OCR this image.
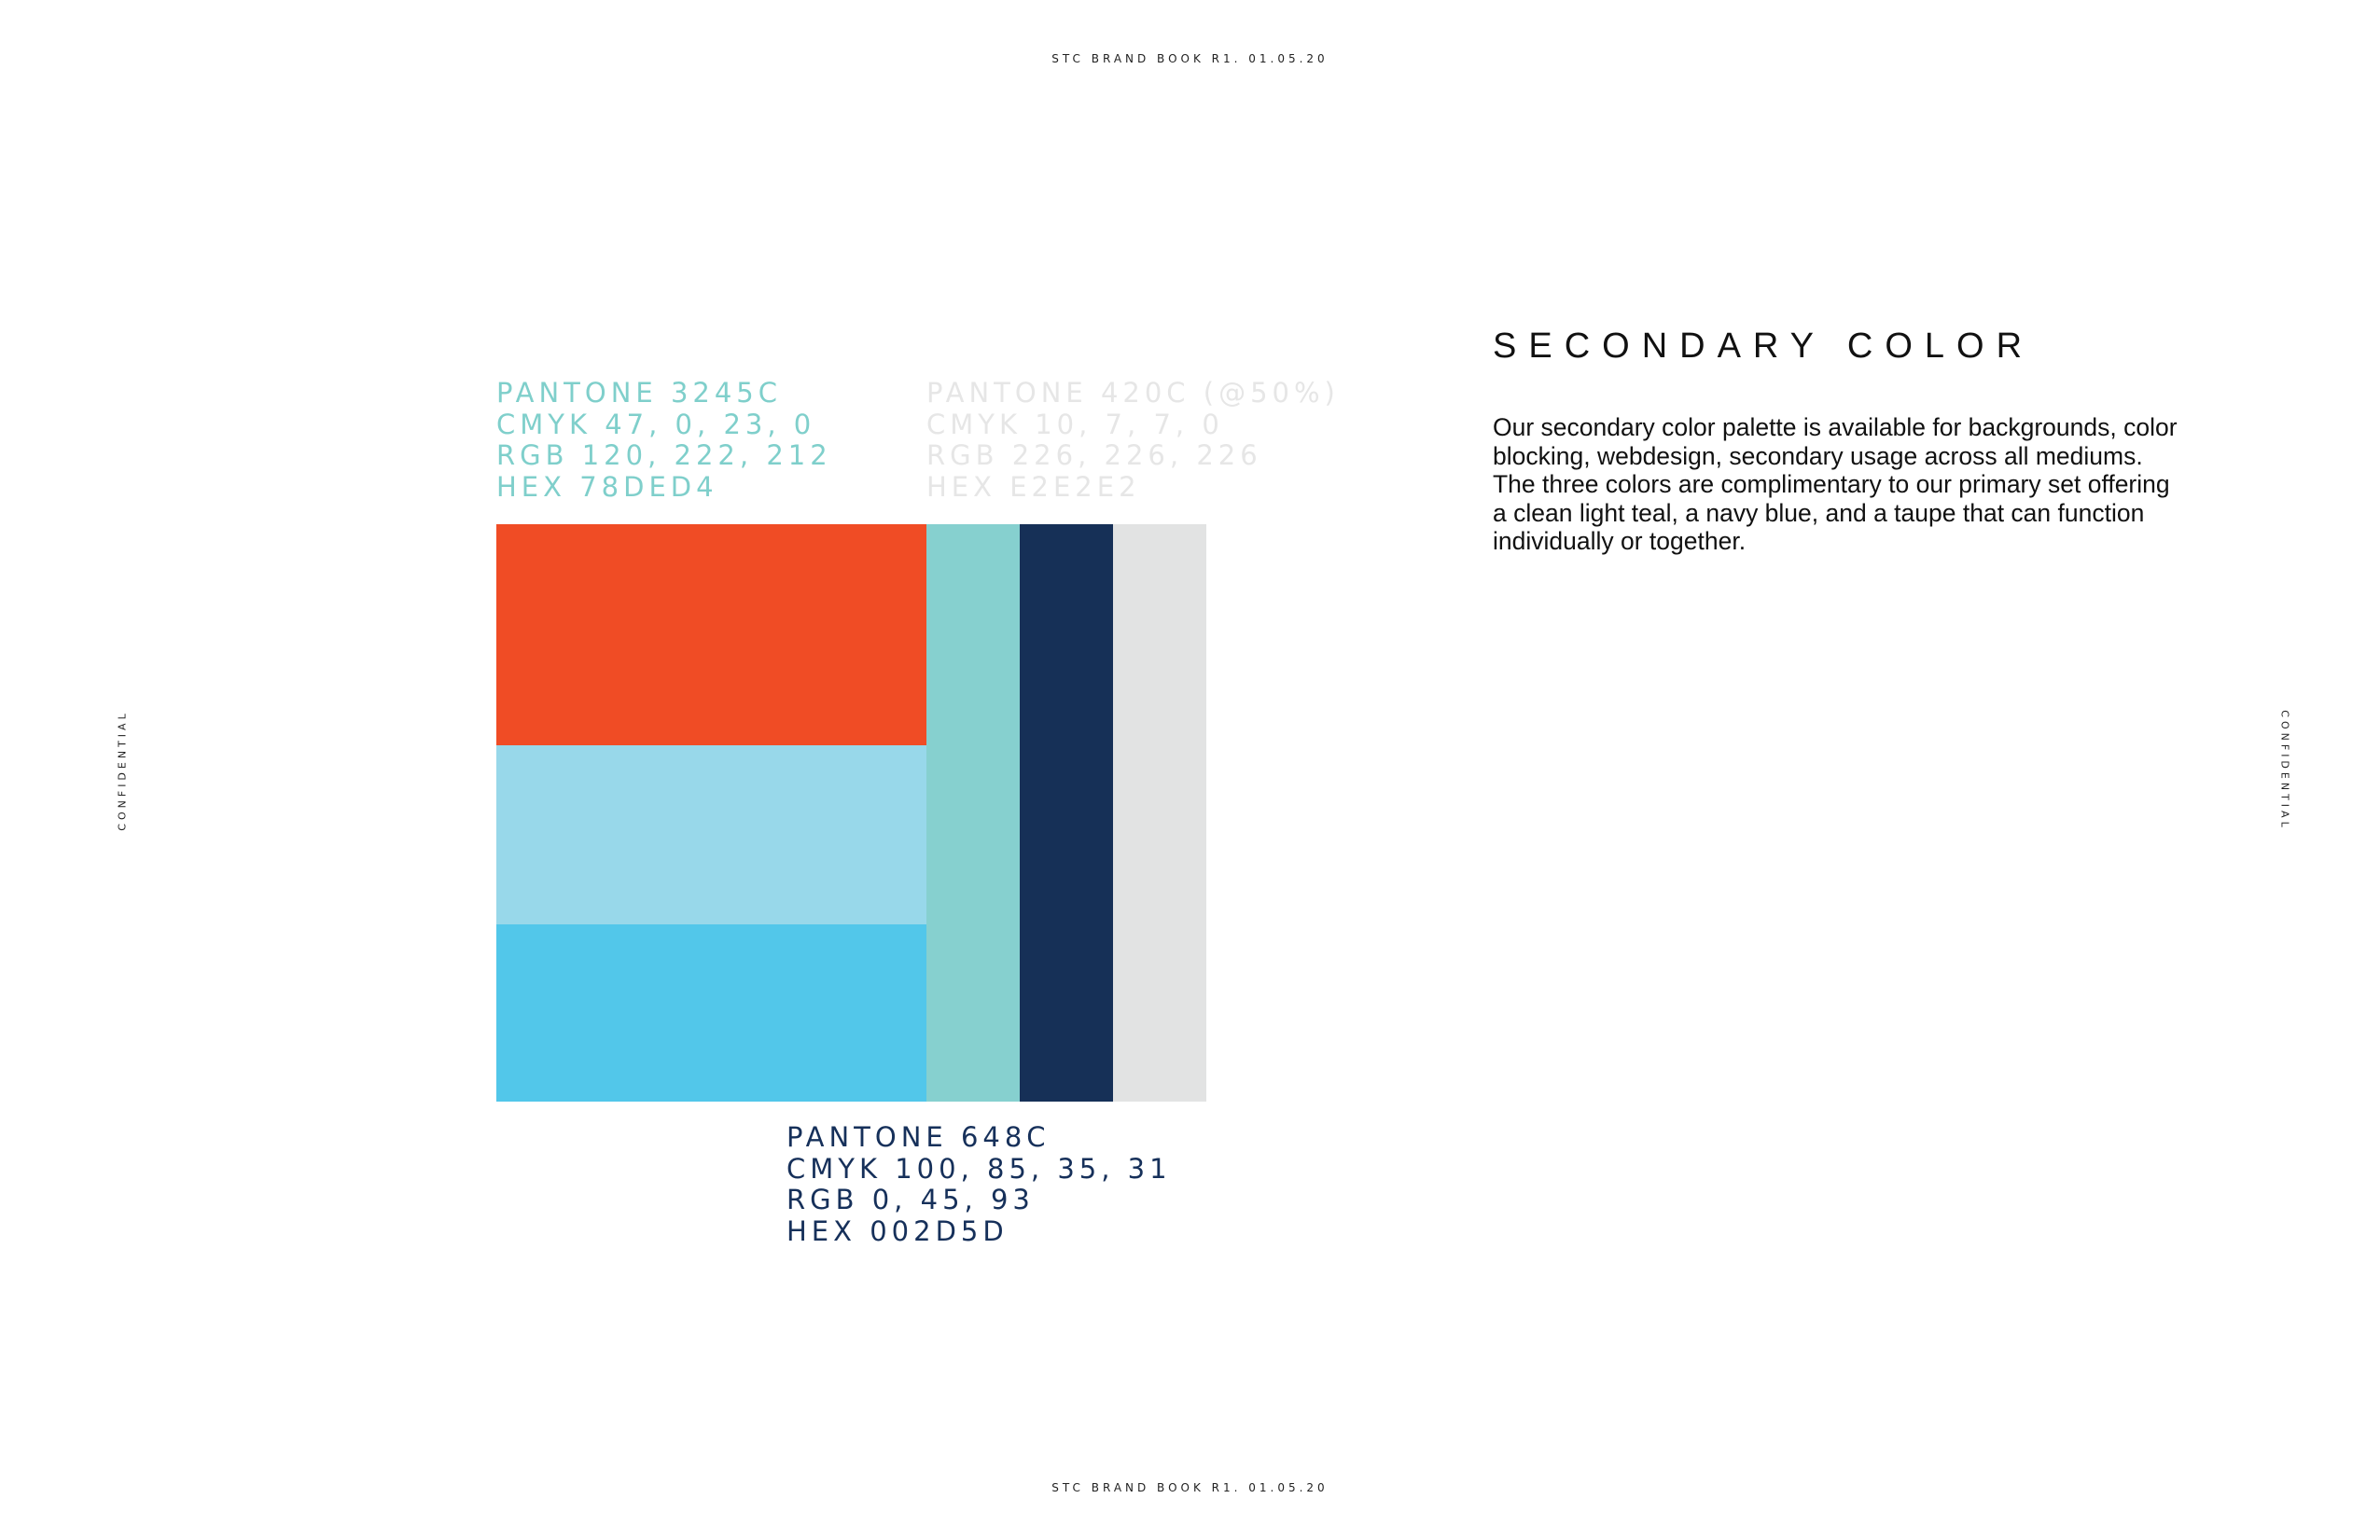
STC BRAND BOOK R1. 01.05.20
CONFIDENTIAL	CONFIDENTIAL
PANTONE 3245C
CMYK 47, 0, 23, 0
RGB 120, 222, 212
HEX 78DED4
PANTONE 420C (@50%)
CMYK 10, 7, 7, 0
RGB 226, 226, 226
HEX E2E2E2
PANTONE 648C
CMYK 100, 85, 35, 31
RGB 0, 45, 93
HEX 002D5D
SECONDARY COLOR

Our secondary color palette is available for backgrounds, color blocking, webdesign, secondary usage across all mediums. The three colors are complimentary to our primary set offering a clean light teal, a navy blue, and a taupe that can function individually or together.

STC BRAND BOOK R1. 01.05.20
